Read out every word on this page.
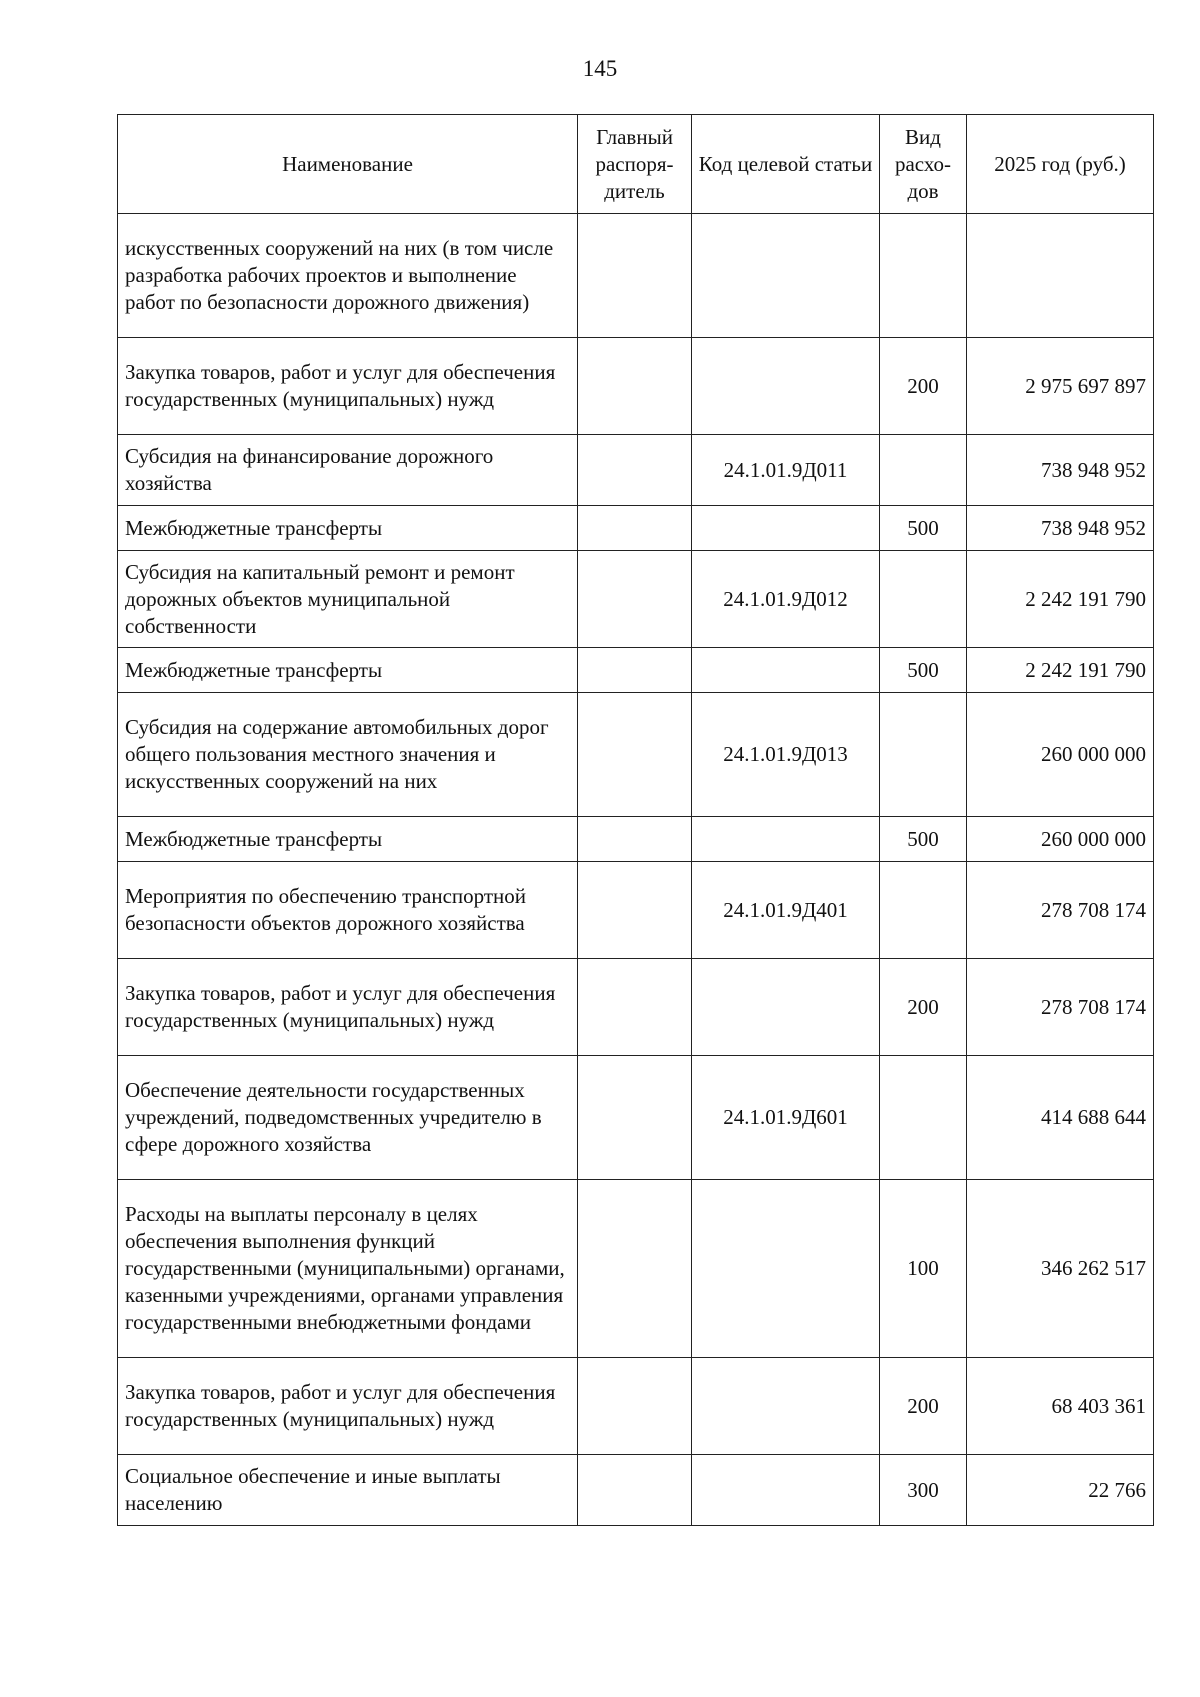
145
Наименование	Главный распоря-дитель	Код целевой статьи	Вид расхо-дов	2025 год (руб.)
искусственных сооружений на них (в том числе разработка рабочих проектов и выполнение работ по безопасности дорожного движения)				
Закупка товаров, работ и услуг для обеспечения государственных (муниципальных) нужд			200	2 975 697 897
Субсидия на финансирование дорожного хозяйства		24.1.01.9Д011		738 948 952
Межбюджетные трансферты			500	738 948 952
Субсидия на капитальный ремонт и ремонт дорожных объектов муниципальной собственности		24.1.01.9Д012		2 242 191 790
Межбюджетные трансферты			500	2 242 191 790
Субсидия на содержание автомобильных дорог общего пользования местного значения и искусственных сооружений на них		24.1.01.9Д013		260 000 000
Межбюджетные трансферты			500	260 000 000
Мероприятия по обеспечению транспортной безопасности объектов дорожного хозяйства		24.1.01.9Д401		278 708 174
Закупка товаров, работ и услуг для обеспечения государственных (муниципальных) нужд			200	278 708 174
Обеспечение деятельности государственных учреждений, подведомственных учредителю в сфере дорожного хозяйства		24.1.01.9Д601		414 688 644
Расходы на выплаты персоналу в целях обеспечения выполнения функций государственными (муниципальными) органами, казенными учреждениями, органами управления государственными внебюджетными фондами			100	346 262 517
Закупка товаров, работ и услуг для обеспечения государственных (муниципальных) нужд			200	68 403 361
Социальное обеспечение и иные выплаты населению			300	22 766
